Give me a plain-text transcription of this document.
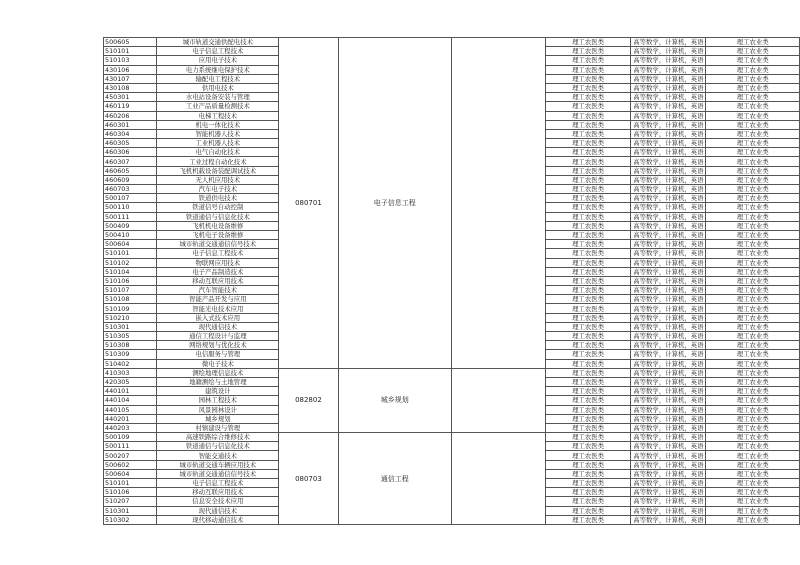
500605	城市轨道交通供配电技术	080701	电子信息工程		理工农医类	高等数学，计算机，英语	理工农业类
510101	电子信息工程技术				理工农医类	高等数学，计算机，英语	理工农业类
510103	应用电子技术				理工农医类	高等数学，计算机，英语	理工农业类
430106	电力系统继电保护技术				理工农医类	高等数学，计算机，英语	理工农业类
430107	输配电工程技术				理工农医类	高等数学，计算机，英语	理工农业类
430108	供用电技术				理工农医类	高等数学，计算机，英语	理工农业类
450301	水电站设备安装与管理				理工农医类	高等数学，计算机，英语	理工农业类
460119	工业产品质量检测技术				理工农医类	高等数学，计算机，英语	理工农业类
460206	电梯工程技术				理工农医类	高等数学，计算机，英语	理工农业类
460301	机电一体化技术				理工农医类	高等数学，计算机，英语	理工农业类
460304	智能机器人技术				理工农医类	高等数学，计算机，英语	理工农业类
460305	工业机器人技术				理工农医类	高等数学，计算机，英语	理工农业类
460306	电气自动化技术				理工农医类	高等数学，计算机，英语	理工农业类
460307	工业过程自动化技术				理工农医类	高等数学，计算机，英语	理工农业类
460605	飞机机载设备装配调试技术				理工农医类	高等数学，计算机，英语	理工农业类
460609	无人机应用技术				理工农医类	高等数学，计算机，英语	理工农业类
460703	汽车电子技术				理工农医类	高等数学，计算机，英语	理工农业类
500107	铁道供电技术				理工农医类	高等数学，计算机，英语	理工农业类
500110	铁道信号自动控制				理工农医类	高等数学，计算机，英语	理工农业类
500111	铁道通信与信息化技术				理工农医类	高等数学，计算机，英语	理工农业类
500409	飞机机电设备维修				理工农医类	高等数学，计算机，英语	理工农业类
500410	飞机电子设备维修				理工农医类	高等数学，计算机，英语	理工农业类
500604	城市轨道交通通信信号技术				理工农医类	高等数学，计算机，英语	理工农业类
510101	电子信息工程技术				理工农医类	高等数学，计算机，英语	理工农业类
510102	物联网应用技术				理工农医类	高等数学，计算机，英语	理工农业类
510104	电子产品制造技术				理工农医类	高等数学，计算机，英语	理工农业类
510106	移动互联应用技术				理工农医类	高等数学，计算机，英语	理工农业类
510107	汽车智能技术				理工农医类	高等数学，计算机，英语	理工农业类
510108	智能产品开发与应用				理工农医类	高等数学，计算机，英语	理工农业类
510109	智能光电技术应用				理工农医类	高等数学，计算机，英语	理工农业类
510210	嵌入式技术应用				理工农医类	高等数学，计算机，英语	理工农业类
510301	现代通信技术				理工农医类	高等数学，计算机，英语	理工农业类
510305	通信工程设计与监理				理工农医类	高等数学，计算机，英语	理工农业类
510308	网络规划与优化技术				理工农医类	高等数学，计算机，英语	理工农业类
510309	电信服务与管理				理工农医类	高等数学，计算机，英语	理工农业类
510402	微电子技术				理工农医类	高等数学，计算机，英语	理工农业类
410303	测绘地理信息技术	082802	城乡规划		理工农医类	高等数学，计算机，英语	理工农业类
420305	地籍测绘与土地管理				理工农医类	高等数学，计算机，英语	理工农业类
440101	建筑设计				理工农医类	高等数学，计算机，英语	理工农业类
440104	园林工程技术				理工农医类	高等数学，计算机，英语	理工农业类
440105	风景园林设计				理工农医类	高等数学，计算机，英语	理工农业类
440201	城乡规划				理工农医类	高等数学，计算机，英语	理工农业类
440203	村镇建设与管理				理工农医类	高等数学，计算机，英语	理工农业类
500109	高速铁路综合维修技术	080703	通信工程		理工农医类	高等数学，计算机，英语	理工农业类
500111	铁道通信与信息化技术				理工农医类	高等数学，计算机，英语	理工农业类
500207	智能交通技术				理工农医类	高等数学，计算机，英语	理工农业类
500602	城市轨道交通车辆应用技术				理工农医类	高等数学，计算机，英语	理工农业类
500604	城市轨道交通通信信号技术				理工农医类	高等数学，计算机，英语	理工农业类
510101	电子信息工程技术				理工农医类	高等数学，计算机，英语	理工农业类
510106	移动互联应用技术				理工农医类	高等数学，计算机，英语	理工农业类
510207	信息安全技术应用				理工农医类	高等数学，计算机，英语	理工农业类
510301	现代通信技术				理工农医类	高等数学，计算机，英语	理工农业类
510302	现代移动通信技术				理工农医类	高等数学，计算机，英语	理工农业类
